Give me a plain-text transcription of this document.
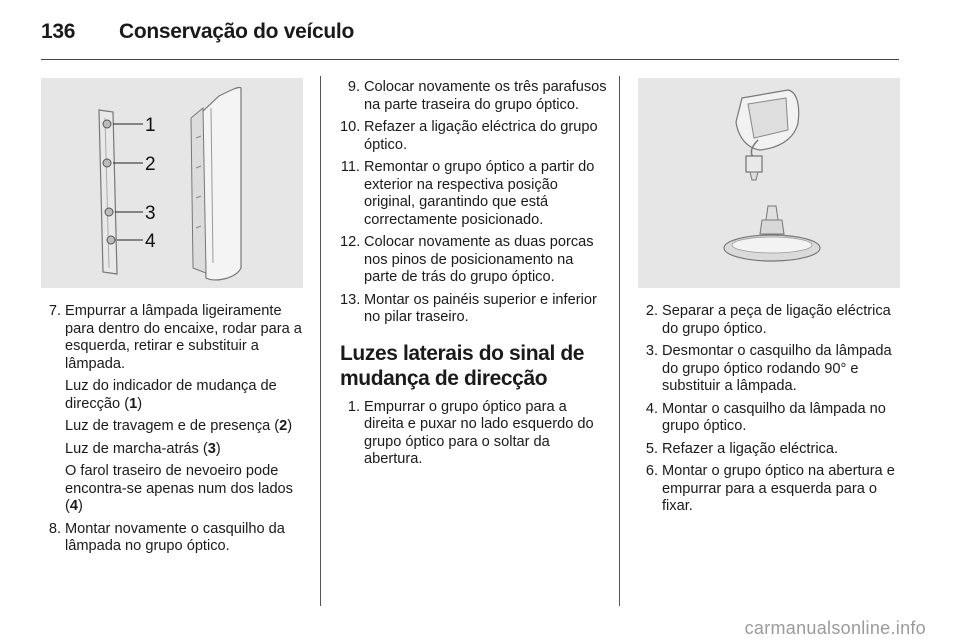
136 Conservação do veículo
1
2
3
4
7. Empurrar a lâmpada ligeiramente para dentro do encaixe, rodar para a esquerda, retirar e substituir a lâmpada.
Luz do indicador de mudança de direcção (1)
Luz de travagem e de presença (2)
Luz de marcha-atrás (3)
O farol traseiro de nevoeiro pode encontra-se apenas num dos lados (4)
8. Montar novamente o casquilho da lâmpada no grupo óptico.
9. Colocar novamente os três parafusos na parte traseira do grupo óptico.
10. Refazer a ligação eléctrica do grupo óptico.
11. Remontar o grupo óptico a partir do exterior na respectiva posição original, garantindo que está correctamente posicionado.
12. Colocar novamente as duas porcas nos pinos de posicionamento na parte de trás do grupo óptico.
13. Montar os painéis superior e inferior no pilar traseiro.
Luzes laterais do sinal de mudança de direcção
1. Empurrar o grupo óptico para a direita e puxar no lado esquerdo do grupo óptico para o soltar da abertura.
2. Separar a peça de ligação eléctrica do grupo óptico.
3. Desmontar o casquilho da lâmpada do grupo óptico rodando 90° e substituir a lâmpada.
4. Montar o casquilho da lâmpada no grupo óptico.
5. Refazer a ligação eléctrica.
6. Montar o grupo óptico na abertura e empurrar para a esquerda para o fixar.
carmanualsonline.info
